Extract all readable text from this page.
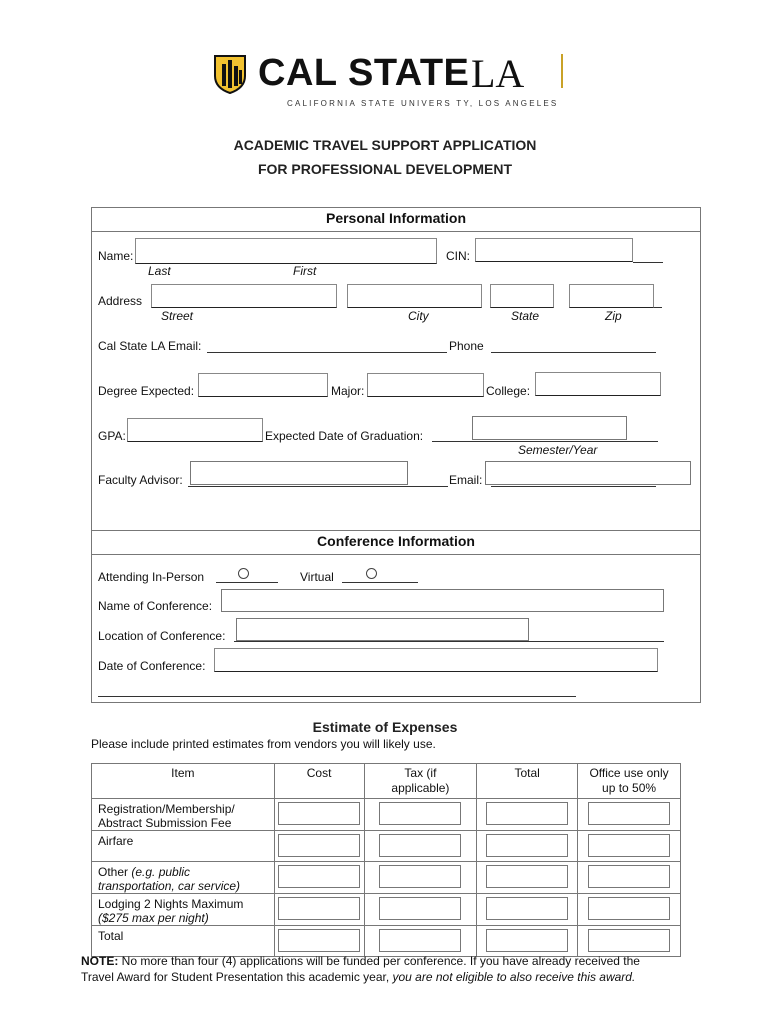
CAL STATE LA
CALIFORNIA STATE UNIVERS TY, LOS ANGELES
ACADEMIC TRAVEL SUPPORT APPLICATION
FOR PROFESSIONAL DEVELOPMENT
Personal Information
Name:
Last	First
CIN:
Address
Street	City	State	Zip
Cal State LA Email:	Phone
Degree Expected:	Major:	College:
GPA:	Expected Date of Graduation:
Semester/Year
Faculty Advisor:	Email:
Conference Information
Attending In-Person	Virtual
Name of Conference:
Location of Conference:
Date of Conference:
Estimate of Expenses
Please include printed estimates from vendors you will likely use.
Item	Cost	Tax (if applicable)	Total	Office use only up to 50%

Registration/Membership/
Abstract Submission Fee	

Airfare	

Other (e.g. public
transportation, car service)	

Lodging 2 Nights Maximum
($275 max per night)	

Total	

NOTE: No more than four (4) applications will be funded per conference. If you have already received the
Travel Award for Student Presentation this academic year, you are not eligible to also receive this award.
